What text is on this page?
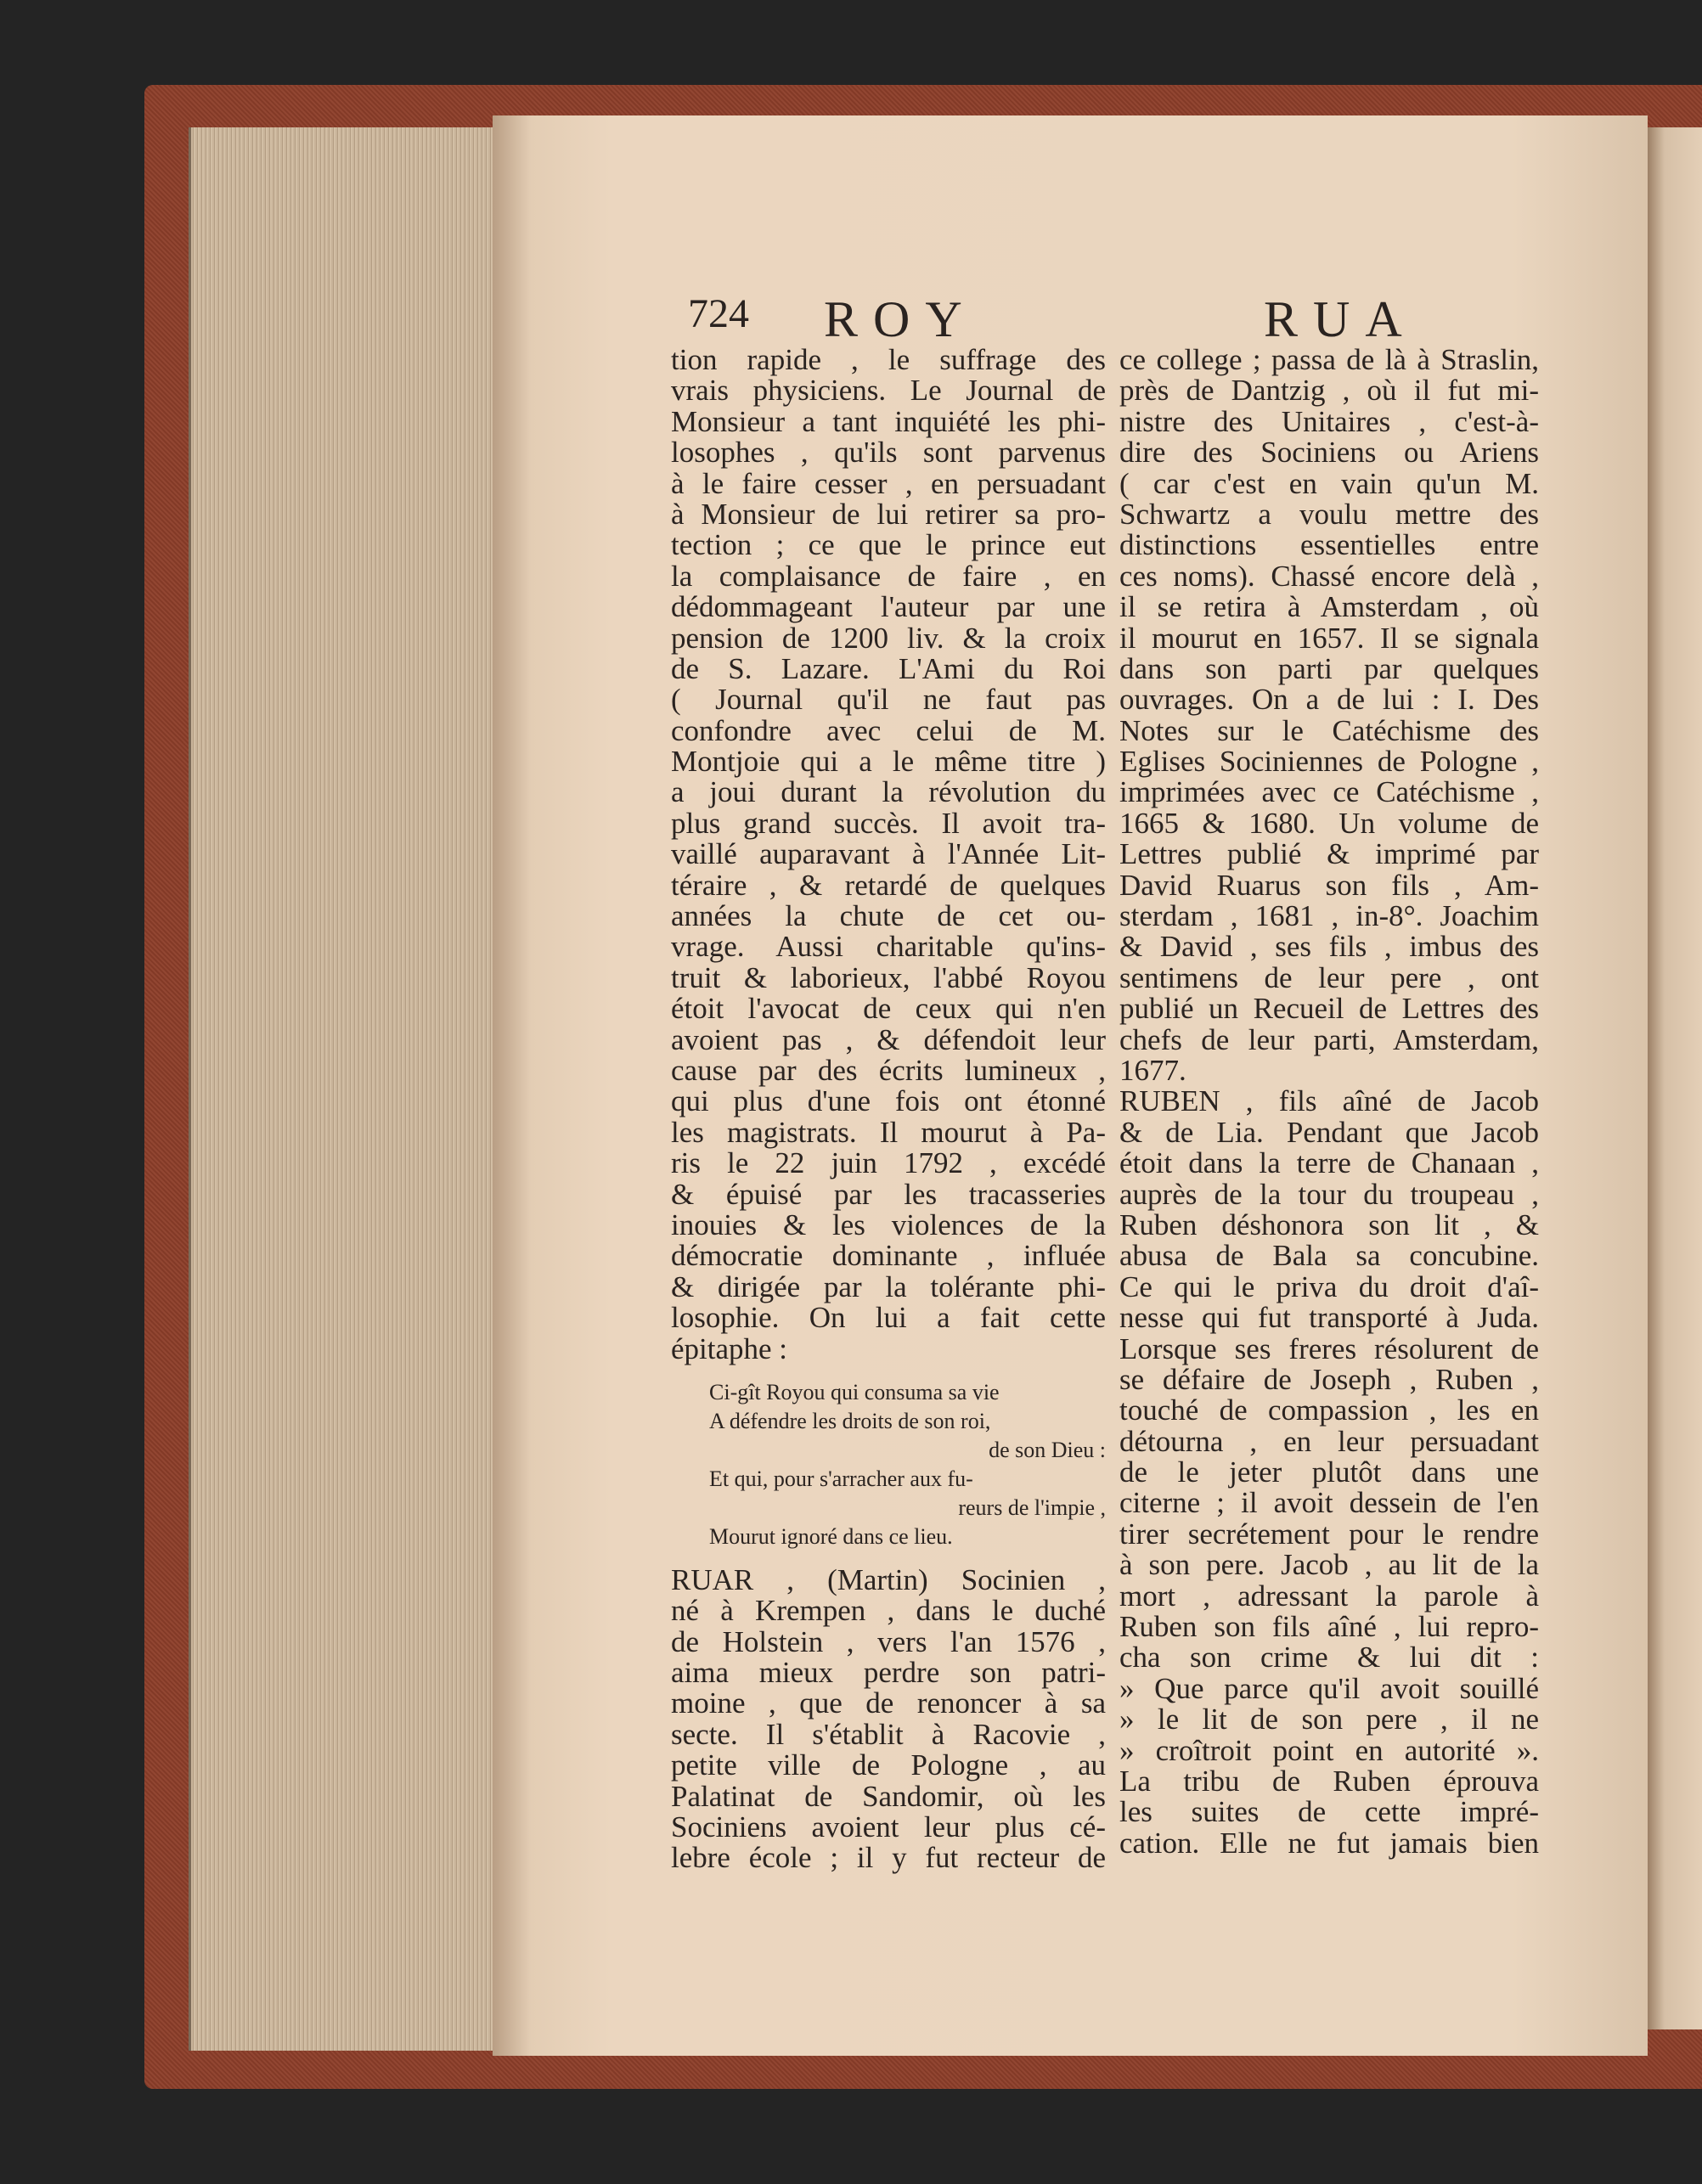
724 ROY	RUA
tion rapide , le suffrage des
vrais physiciens. Le Journal de
Monsieur a tant inquiété les phi-
losophes , qu'ils sont parvenus
à le faire cesser , en persuadant
à Monsieur de lui retirer sa pro-
tection ; ce que le prince eut
la complaisance de faire , en
dédommageant l'auteur par une
pension de 1200 liv. & la croix
de S. Lazare. L'Ami du Roi
( Journal qu'il ne faut pas
confondre avec celui de M.
Montjoie qui a le même titre )
a joui durant la révolution du
plus grand succès. Il avoit tra-
vaillé auparavant à l'Année Lit-
téraire , & retardé de quelques
années la chute de cet ou-
vrage. Aussi charitable qu'ins-
truit & laborieux, l'abbé Royou
étoit l'avocat de ceux qui n'en
avoient pas , & défendoit leur
cause par des écrits lumineux ,
qui plus d'une fois ont étonné
les magistrats. Il mourut à Pa-
ris le 22 juin 1792 , excédé
& épuisé par les tracasseries
inouies & les violences de la
démocratie dominante , influée
& dirigée par la tolérante phi-
losophie. On lui a fait cette
épitaphe :
Ci-gît Royou qui consuma sa vie
A défendre les droits de son roi,
de son Dieu :
Et qui, pour s'arracher aux fu-
reurs de l'impie ,
Mourut ignoré dans ce lieu.
RUAR , (Martin) Socinien ,
né à Krempen , dans le duché
de Holstein , vers l'an 1576 ,
aima mieux perdre son patri-
moine , que de renoncer à sa
secte. Il s'établit à Racovie ,
petite ville de Pologne , au
Palatinat de Sandomir, où les
Sociniens avoient leur plus cé-
lebre école ; il y fut recteur de
ce college ; passa de là à Straslin,
près de Dantzig , où il fut mi-
nistre des Unitaires , c'est-à-
dire des Sociniens ou Ariens
( car c'est en vain qu'un M.
Schwartz a voulu mettre des
distinctions essentielles entre
ces noms). Chassé encore delà ,
il se retira à Amsterdam , où
il mourut en 1657. Il se signala
dans son parti par quelques
ouvrages. On a de lui : I. Des
Notes sur le Catéchisme des
Eglises Sociniennes de Pologne ,
imprimées avec ce Catéchisme ,
1665 & 1680. Un volume de
Lettres publié & imprimé par
David Ruarus son fils , Am-
sterdam , 1681 , in-8°. Joachim
& David , ses fils , imbus des
sentimens de leur pere , ont
publié un Recueil de Lettres des
chefs de leur parti, Amsterdam,
1677.
RUBEN , fils aîné de Jacob
& de Lia. Pendant que Jacob
étoit dans la terre de Chanaan ,
auprès de la tour du troupeau ,
Ruben déshonora son lit , &
abusa de Bala sa concubine.
Ce qui le priva du droit d'aî-
nesse qui fut transporté à Juda.
Lorsque ses freres résolurent de
se défaire de Joseph , Ruben ,
touché de compassion , les en
détourna , en leur persuadant
de le jeter plutôt dans une
citerne ; il avoit dessein de l'en
tirer secrétement pour le rendre
à son pere. Jacob , au lit de la
mort , adressant la parole à
Ruben son fils aîné , lui repro-
cha son crime & lui dit :
» Que parce qu'il avoit souillé
» le lit de son pere , il ne
» croîtroit point en autorité ».
La tribu de Ruben éprouva
les suites de cette impré-
cation. Elle ne fut jamais bien
